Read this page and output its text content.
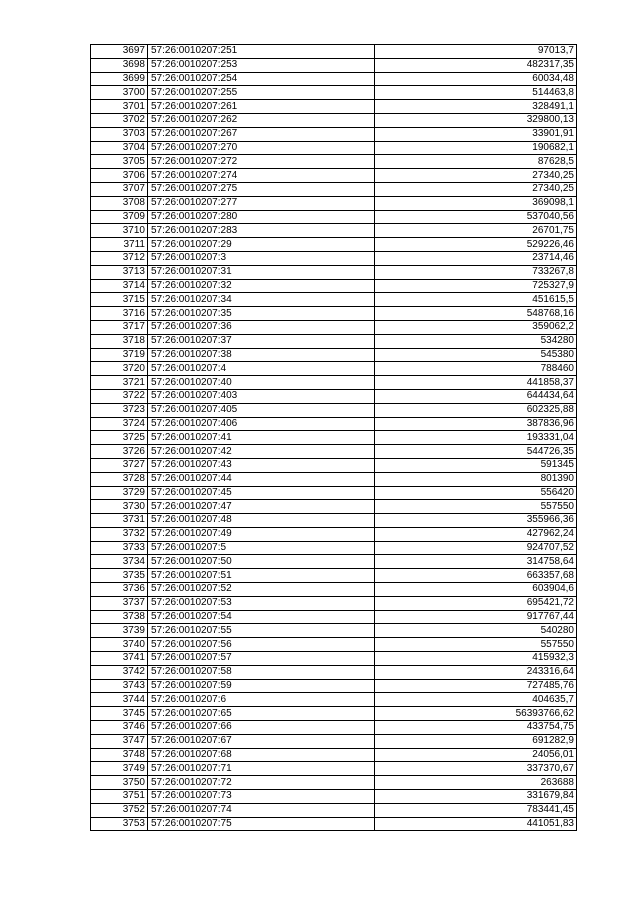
3697	57:26:0010207:251	97013,7
3698	57:26:0010207:253	482317,35
3699	57:26:0010207:254	60034,48
3700	57:26:0010207:255	514463,8
3701	57:26:0010207:261	328491,1
3702	57:26:0010207:262	329800,13
3703	57:26:0010207:267	33901,91
3704	57:26:0010207:270	190682,1
3705	57:26:0010207:272	87628,5
3706	57:26:0010207:274	27340,25
3707	57:26:0010207:275	27340,25
3708	57:26:0010207:277	369098,1
3709	57:26:0010207:280	537040,56
3710	57:26:0010207:283	26701,75
3711	57:26:0010207:29	529226,46
3712	57:26:0010207:3	23714,46
3713	57:26:0010207:31	733267,8
3714	57:26:0010207:32	725327,9
3715	57:26:0010207:34	451615,5
3716	57:26:0010207:35	548768,16
3717	57:26:0010207:36	359062,2
3718	57:26:0010207:37	534280
3719	57:26:0010207:38	545380
3720	57:26:0010207:4	788460
3721	57:26:0010207:40	441858,37
3722	57:26:0010207:403	644434,64
3723	57:26:0010207:405	602325,88
3724	57:26:0010207:406	387836,96
3725	57:26:0010207:41	193331,04
3726	57:26:0010207:42	544726,35
3727	57:26:0010207:43	591345
3728	57:26:0010207:44	801390
3729	57:26:0010207:45	556420
3730	57:26:0010207:47	557550
3731	57:26:0010207:48	355966,36
3732	57:26:0010207:49	427962,24
3733	57:26:0010207:5	924707,52
3734	57:26:0010207:50	314758,64
3735	57:26:0010207:51	663357,68
3736	57:26:0010207:52	603904,6
3737	57:26:0010207:53	695421,72
3738	57:26:0010207:54	917767,44
3739	57:26:0010207:55	540280
3740	57:26:0010207:56	557550
3741	57:26:0010207:57	415932,3
3742	57:26:0010207:58	243316,64
3743	57:26:0010207:59	727485,76
3744	57:26:0010207:6	404635,7
3745	57:26:0010207:65	56393766,62
3746	57:26:0010207:66	433754,75
3747	57:26:0010207:67	691282,9
3748	57:26:0010207:68	24056,01
3749	57:26:0010207:71	337370,67
3750	57:26:0010207:72	263688
3751	57:26:0010207:73	331679,84
3752	57:26:0010207:74	783441,45
3753	57:26:0010207:75	441051,83
